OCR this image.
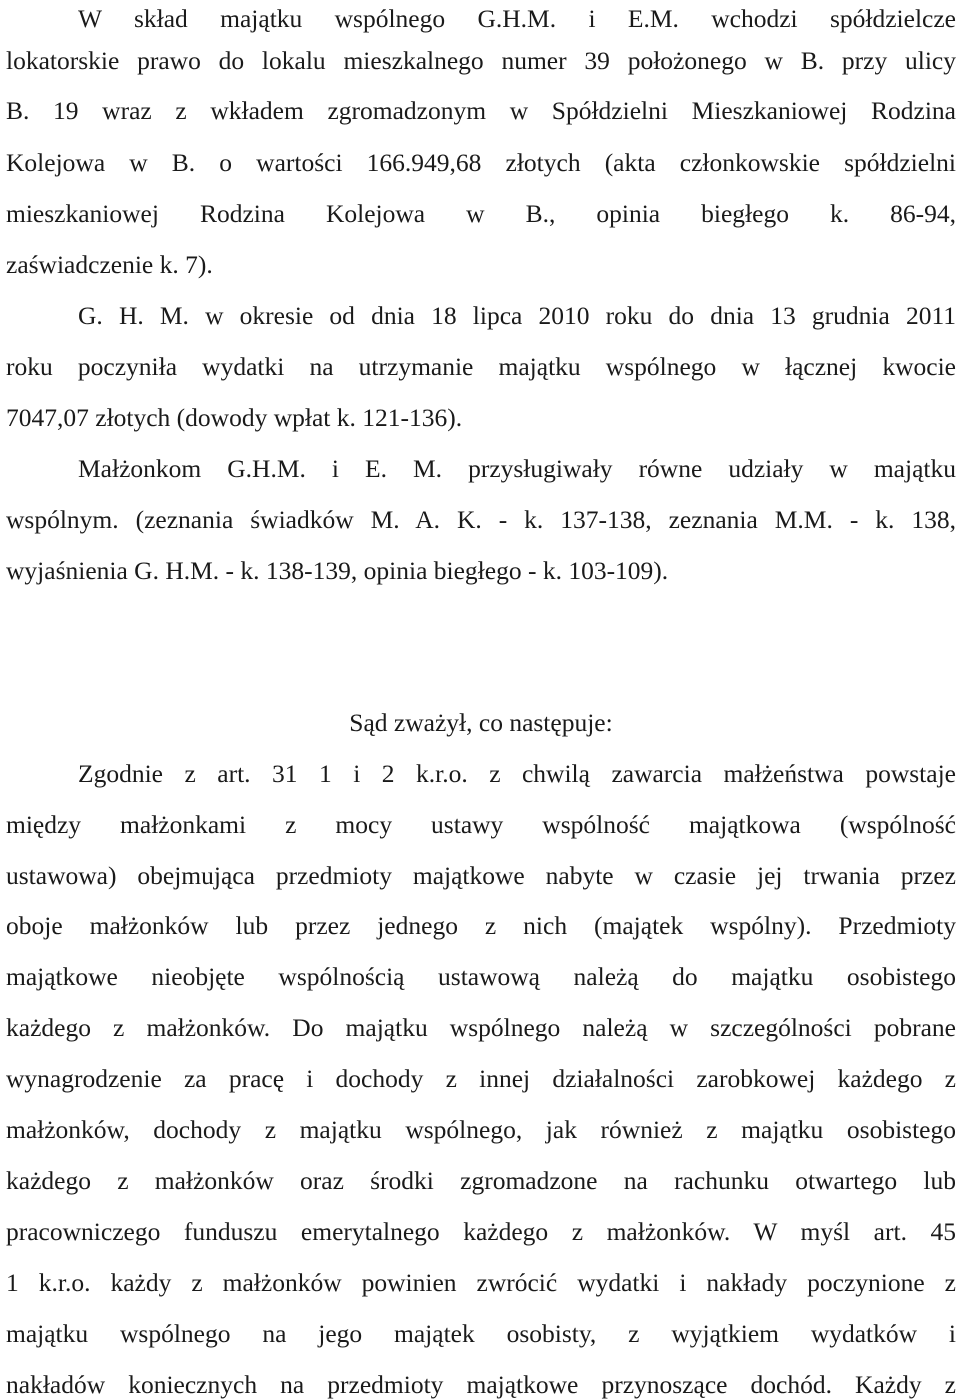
W skład majątku wspólnego G.H.M. i E.M. wchodzi spółdzielcze
lokatorskie prawo do lokalu mieszkalnego numer 39 położonego w B. przy ulicy
B. 19 wraz z wkładem zgromadzonym w Spółdzielni Mieszkaniowej Rodzina
Kolejowa w B. o wartości 166.949,68 złotych (akta członkowskie spółdzielni
mieszkaniowej Rodzina Kolejowa w B., opinia biegłego k. 86-94,
zaświadczenie k. 7).
G. H. M. w okresie od dnia 18 lipca 2010 roku do dnia 13 grudnia 2011
roku poczyniła wydatki na utrzymanie majątku wspólnego w łącznej kwocie
7047,07 złotych (dowody wpłat k. 121-136).
Małżonkom G.H.M. i E. M. przysługiwały równe udziały w majątku
wspólnym. (zeznania świadków M. A. K. - k. 137-138, zeznania M.M. - k. 138,
wyjaśnienia G. H.M. - k. 138-139, opinia biegłego - k. 103-109).
Sąd zważył, co następuje:
Zgodnie z art. 31 1 i 2 k.r.o. z chwilą zawarcia małżeństwa powstaje
między małżonkami z mocy ustawy wspólność majątkowa (wspólność
ustawowa) obejmująca przedmioty majątkowe nabyte w czasie jej trwania przez
oboje małżonków lub przez jednego z nich (majątek wspólny). Przedmioty
majątkowe nieobjęte wspólnością ustawową należą do majątku osobistego
każdego z małżonków. Do majątku wspólnego należą w szczególności pobrane
wynagrodzenie za pracę i dochody z innej działalności zarobkowej każdego z
małżonków, dochody z majątku wspólnego, jak również z majątku osobistego
każdego z małżonków oraz środki zgromadzone na rachunku otwartego lub
pracowniczego funduszu emerytalnego każdego z małżonków. W myśl art. 45
1 k.r.o. każdy z małżonków powinien zwrócić wydatki i nakłady poczynione z
majątku wspólnego na jego majątek osobisty, z wyjątkiem wydatków i
nakładów koniecznych na przedmioty majątkowe przynoszące dochód. Każdy z
